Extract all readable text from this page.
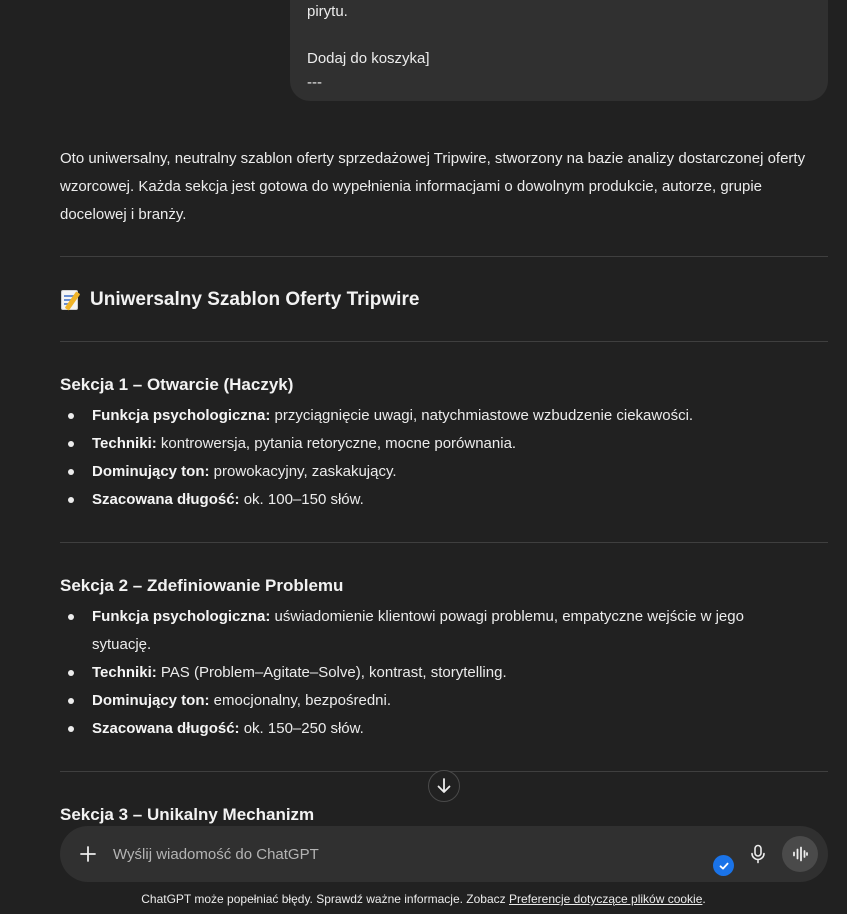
pirytu.
Dodaj do koszyka]
---

Oto uniwersalny, neutralny szablon oferty sprzedażowej Tripwire, stworzony na bazie analizy dostarczonej oferty wzorcowej. Każda sekcja jest gotowa do wypełnienia informacjami o dowolnym produkcie, autorze, grupie docelowej i branży.

Uniwersalny Szablon Oferty Tripwire
Sekcja 1 – Otwarcie (Haczyk)
Funkcja psychologiczna: przyciągnięcie uwagi, natychmiastowe wzbudzenie ciekawości.
Techniki: kontrowersja, pytania retoryczne, mocne porównania.
Dominujący ton: prowokacyjny, zaskakujący.
Szacowana długość: ok. 100–150 słów.
Sekcja 2 – Zdefiniowanie Problemu
Funkcja psychologiczna: uświadomienie klientowi powagi problemu, empatyczne wejście w jego sytuację.
Techniki: PAS (Problem–Agitate–Solve), kontrast, storytelling.
Dominujący ton: emocjonalny, bezpośredni.
Szacowana długość: ok. 150–250 słów.
Sekcja 3 – Unikalny Mechanizm
Wyślij wiadomość do ChatGPT
ChatGPT może popełniać błędy. Sprawdź ważne informacje. Zobacz Preferencje dotyczące plików cookie.
